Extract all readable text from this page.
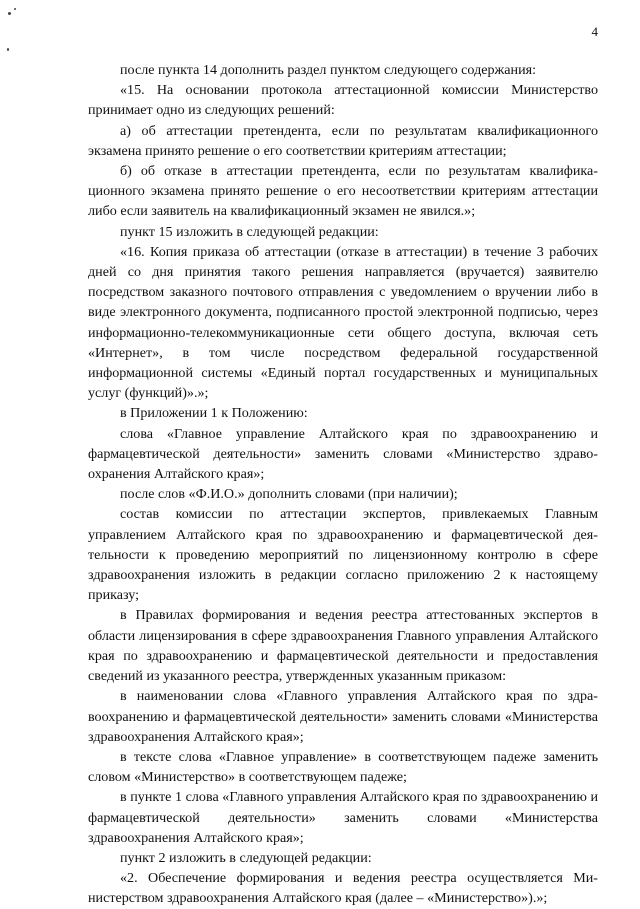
4

после пункта 14 дополнить раздел пунктом следующего содержания:

«15. На основании протокола аттестационной комиссии Министерство принимает одно из следующих решений:

а) об аттестации претендента, если по результатам квалификационного экзамена принято решение о его соответствии критериям аттестации;

б) об отказе в аттестации претендента, если по результатам квалификационного экзамена принято решение о его несоответствии критериям аттестации либо если заявитель на квалификационный экзамен не явился.»;

пункт 15 изложить в следующей редакции:

«16. Копия приказа об аттестации (отказе в аттестации) в течение 3 рабочих дней со дня принятия такого решения направляется (вручается) заявителю посредством заказного почтового отправления с уведомлением о вручении либо в виде электронного документа, подписанного простой электронной подписью, через информационно-телекоммуникационные сети общего доступа, включая сеть «Интернет», в том числе посредством федеральной государственной информационной системы «Единый портал государственных и муниципальных услуг (функций)».»;

в Приложении 1 к Положению:

слова «Главное управление Алтайского края по здравоохранению и фармацевтической деятельности» заменить словами «Министерство здравоохранения Алтайского края»;

после слов «Ф.И.О.» дополнить словами (при наличии);

состав комиссии по аттестации экспертов, привлекаемых Главным управлением Алтайского края по здравоохранению и фармацевтической деятельности к проведению мероприятий по лицензионному контролю в сфере здравоохранения изложить в редакции согласно приложению 2 к настоящему приказу;

в Правилах формирования и ведения реестра аттестованных экспертов в области лицензирования в сфере здравоохранения Главного управления Алтайского края по здравоохранению и фармацевтической деятельности и предоставления сведений из указанного реестра, утвержденных указанным приказом:

в наименовании слова «Главного управления Алтайского края по здравоохранению и фармацевтической деятельности» заменить словами «Министерства здравоохранения Алтайского края»;

в тексте слова «Главное управление» в соответствующем падеже заменить словом «Министерство» в соответствующем падеже;

в пункте 1 слова «Главного управления Алтайского края по здравоохранению и фармацевтической деятельности» заменить словами «Министерства здравоохранения Алтайского края»;

пункт 2 изложить в следующей редакции:

«2. Обеспечение формирования и ведения реестра осуществляется Министерством здравоохранения Алтайского края (далее – «Министерство»).»;
